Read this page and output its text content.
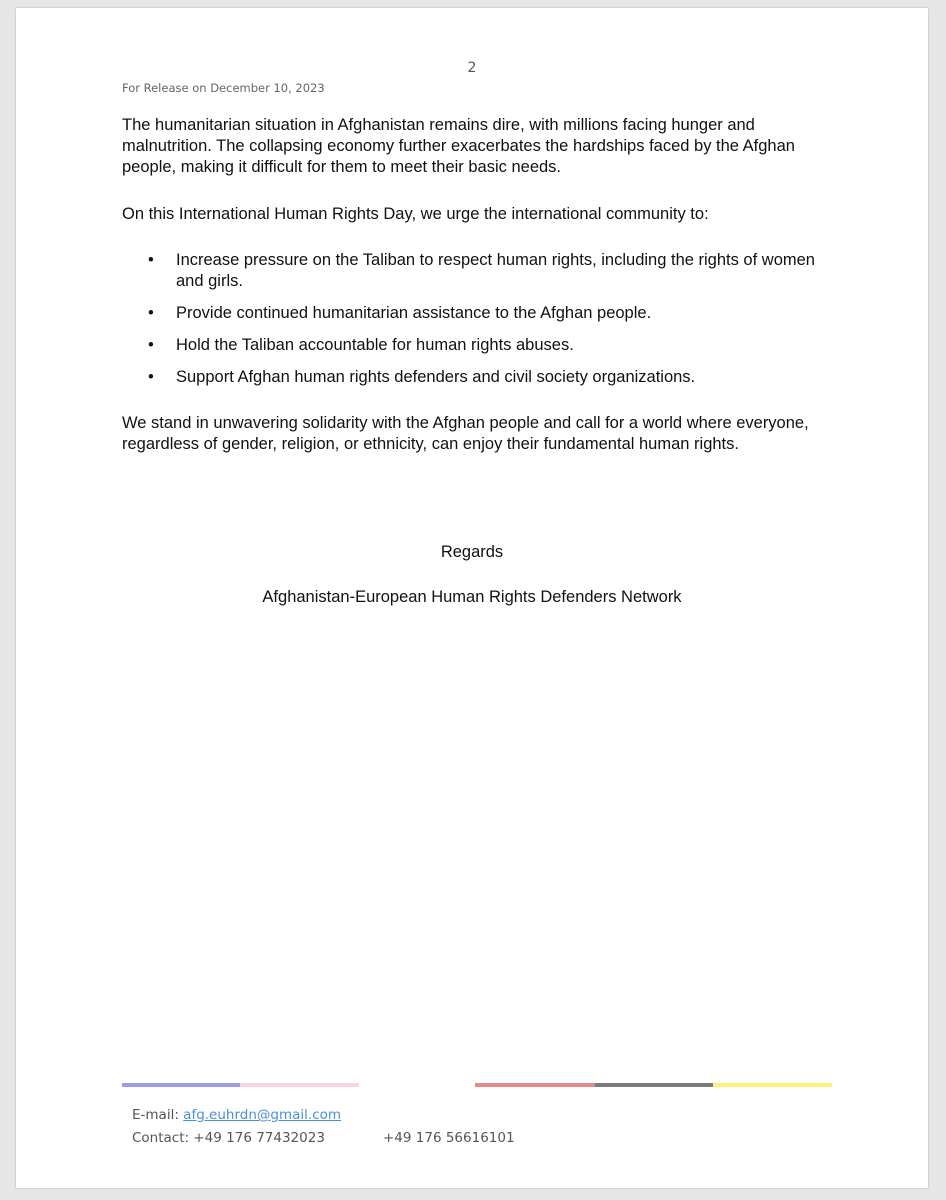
2
For Release on December 10, 2023
The humanitarian situation in Afghanistan remains dire, with millions facing hunger and malnutrition. The collapsing economy further exacerbates the hardships faced by the Afghan people, making it difficult for them to meet their basic needs.
On this International Human Rights Day, we urge the international community to:
• Increase pressure on the Taliban to respect human rights, including the rights of women and girls.
• Provide continued humanitarian assistance to the Afghan people.
• Hold the Taliban accountable for human rights abuses.
• Support Afghan human rights defenders and civil society organizations.
We stand in unwavering solidarity with the Afghan people and call for a world where everyone, regardless of gender, religion, or ethnicity, can enjoy their fundamental human rights.
Regards
Afghanistan-European Human Rights Defenders Network
E-mail: afg.euhrdn@gmail.com
Contact: +49 176 77432023	+49 176 56616101
